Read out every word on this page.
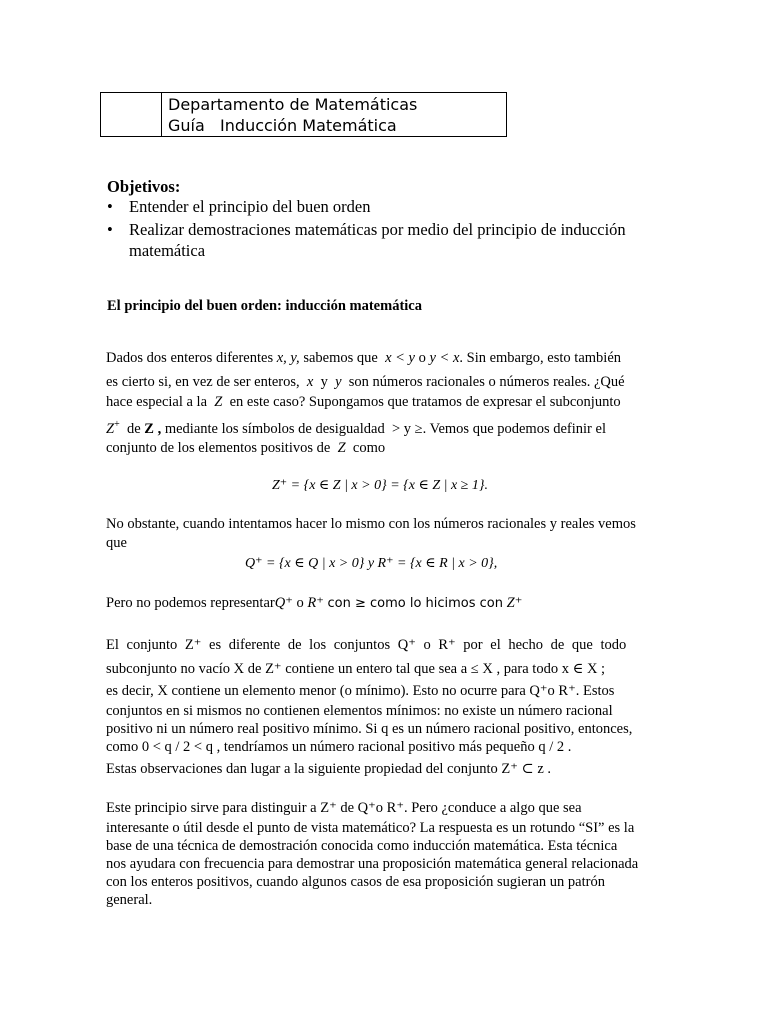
Departamento de Matemáticas
Guía   Inducción Matemática
Objetivos:
• Entender el principio del buen orden
• Realizar demostraciones matemáticas por medio del principio de inducción
matemática
El principio del buen orden: inducción matemática
Dados dos enteros diferentes x, y, sabemos que x < y o y < x. Sin embargo, esto también
es cierto si, en vez de ser enteros, x y y son números racionales o números reales. ¿Qué
hace especial a la Z en este caso? Supongamos que tratamos de expresar el subconjunto
Z+ de Z , mediante los símbolos de desigualdad > y ≥. Vemos que podemos definir el
conjunto de los elementos positivos de Z como
Z⁺ = {x ∈ Z | x > 0} = {x ∈ Z | x ≥ 1}.
No obstante, cuando intentamos hacer lo mismo con los números racionales y reales vemos
que
Q⁺ = {x ∈ Q | x > 0} y R⁺ = {x ∈ R | x > 0},
Pero no podemos representarQ⁺ o R⁺ con ≥ como lo hicimos con Z⁺
El conjunto Z⁺ es diferente de los conjuntos Q⁺ o R⁺ por el hecho de que todo
subconjunto no vacío X de Z⁺ contiene un entero tal que sea a ≤ X , para todo x ∈ X ;
es decir, X contiene un elemento menor (o mínimo). Esto no ocurre para Q⁺o R⁺. Estos
conjuntos en si mismos no contienen elementos mínimos: no existe un número racional
positivo ni un número real positivo mínimo. Si q es un número racional positivo, entonces,
como 0 < q / 2 < q , tendríamos un número racional positivo más pequeño q / 2 .
Estas observaciones dan lugar a la siguiente propiedad del conjunto Z⁺ ⊂ z .
Este principio sirve para distinguir a Z⁺ de Q⁺o R⁺. Pero ¿conduce a algo que sea
interesante o útil desde el punto de vista matemático? La respuesta es un rotundo “SI” es la
base de una técnica de demostración conocida como inducción matemática. Esta técnica
nos ayudara con frecuencia para demostrar una proposición matemática general relacionada
con los enteros positivos, cuando algunos casos de esa proposición sugieran un patrón
general.
